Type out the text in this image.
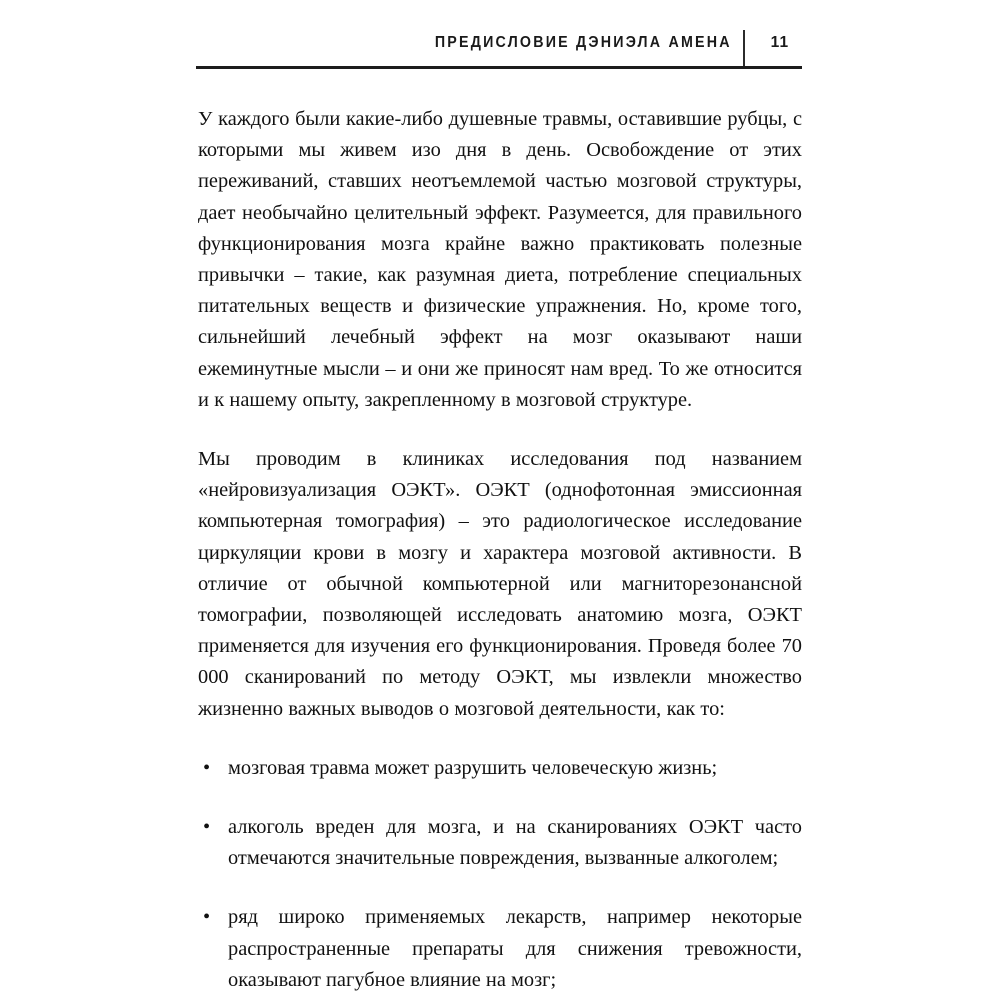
ПРЕДИСЛОВИЕ ДЭНИЭЛА АМЕНА	11

У каждого были какие-либо душевные травмы, оставившие рубцы, с которыми мы живем изо дня в день. Освобождение от этих переживаний, ставших неотъемлемой частью мозговой структуры, дает необычайно целительный эффект. Разумеется, для правильного функционирования мозга крайне важно практиковать полезные привычки – такие, как разумная диета, потребление специальных питательных веществ и физические упражнения. Но, кроме того, сильнейший лечебный эффект на мозг оказывают наши ежеминутные мысли – и они же приносят нам вред. То же относится и к нашему опыту, закрепленному в мозговой структуре.

Мы проводим в клиниках исследования под названием «нейровизуализация ОЭКТ». ОЭКТ (однофотонная эмиссионная компьютерная томография) – это радиологическое исследование циркуляции крови в мозгу и характера мозговой активности. В отличие от обычной компьютерной или магниторезонансной томографии, позволяющей исследовать анатомию мозга, ОЭКТ применяется для изучения его функционирования. Проведя более 70 000 сканирований по методу ОЭКТ, мы извлекли множество жизненно важных выводов о мозговой деятельности, как то:

• мозговая травма может разрушить человеческую жизнь;
• алкоголь вреден для мозга, и на сканированиях ОЭКТ часто отмечаются значительные повреждения, вызванные алкоголем;
• ряд широко применяемых лекарств, например некоторые распространенные препараты для снижения тревожности, оказывают пагубное влияние на мозг;
